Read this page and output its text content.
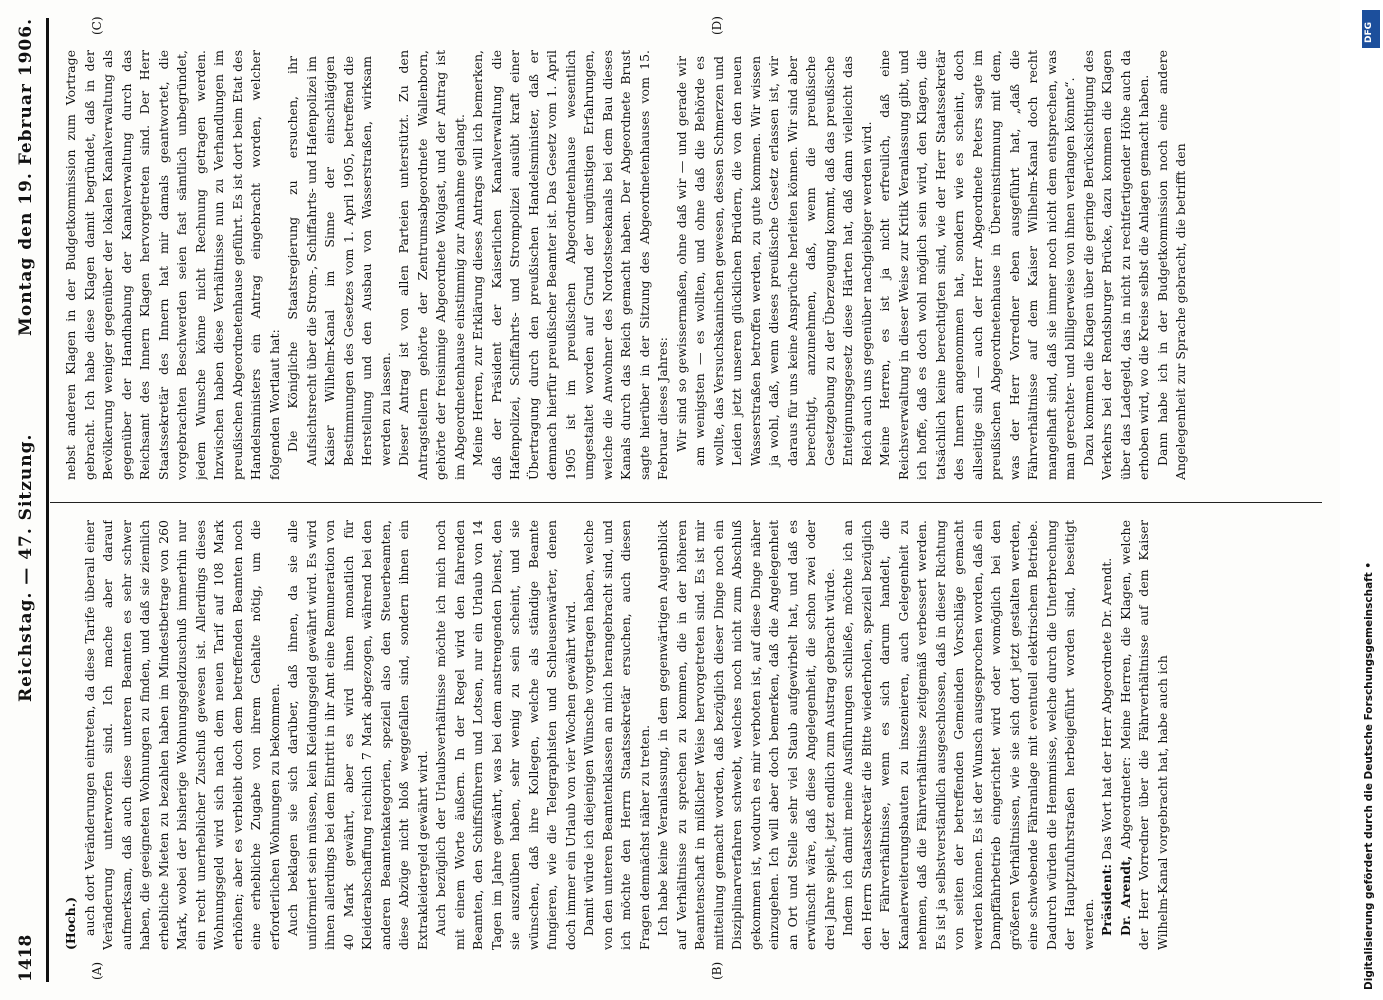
1418
Reichstag. — 47. Sitzung.
Montag den 19. Februar 1906.
(A)	(B)
(C)	(D)

(Hoch.) auch dort Veränderungen eintreten, da diese Tarife überall einer Veränderung unterworfen sind. Ich mache aber darauf aufmerksam, daß auch diese unteren Beamten es sehr schwer haben, die geeigneten Wohnungen zu finden, und daß sie ziemlich erhebliche Mieten zu bezahlen haben im Mindestbetrage von 260 Mark, wobei der bisherige Wohnungsgeldzuschuß immerhin nur ein recht unerheblicher Zuschuß gewesen ist. Allerdings dieses Wohnungsgeld wird sich nach dem neuen Tarif auf 108 Mark erhöhen; aber es verbleibt doch dem betreffenden Beamten noch eine erhebliche Zugabe von ihrem Gehalte nötig, um die erforderlichen Wohnungen zu bekommen. Auch beklagen sie sich darüber, daß ihnen, da sie alle uniformiert sein müssen, kein Kleidungsgeld gewährt wird. Es wird ihnen allerdings bei dem Eintritt in ihr Amt eine Remuneration von 40 Mark gewährt, aber es wird ihnen monatlich für Kleiderabschaffung reichlich 7 Mark abgezogen, während bei den anderen Beamtenkategorien, speziell also den Steuerbeamten, diese Abzüge nicht bloß weggefallen sind, sondern ihnen ein Extrakleidergeld gewährt wird. Auch bezüglich der Urlaubsverhältnisse möchte ich mich noch mit einem Worte äußern. In der Regel wird den fahrenden Beamten, den Schiffsführern und Lotsen, nur ein Urlaub von 14 Tagen im Jahre gewährt, was bei dem anstrengenden Dienst, den sie auszuüben haben, sehr wenig zu sein scheint, und sie wünschen, daß ihre Kollegen, welche als ständige Beamte fungieren, wie die Telegraphisten und Schleusenwärter, denen doch immer ein Urlaub von vier Wochen gewährt wird. Damit würde ich diejenigen Wünsche vorgetragen haben, welche von den unteren Beamtenklassen an mich herangebracht sind, und ich möchte den Herrn Staatssekretär ersuchen, auch diesen Fragen demnächst näher zu treten. Ich habe keine Veranlassung, in dem gegenwärtigen Augenblick auf Verhältnisse zu sprechen zu kommen, die in der höheren Beamtenschaft in mißlicher Weise hervorgetreten sind. Es ist mir mitteilung gemacht worden, daß bezüglich dieser Dinge noch ein Disziplinarverfahren schwebt, welches noch nicht zum Abschluß gekommen ist, wodurch es mir verboten ist, auf diese Dinge näher einzugehen. Ich will aber doch bemerken, daß die Angelegenheit an Ort und Stelle sehr viel Staub aufgewirbelt hat, und daß es erwünscht wäre, daß diese Angelegenheit, die schon zwei oder drei Jahre spielt, jetzt endlich zum Austrag gebracht würde. Indem ich damit meine Ausführungen schließe, möchte ich an den Herrn Staatssekretär die Bitte wiederholen, speziell bezüglich der Fährverhältnisse, wenn es sich darum handelt, die Kanalerweiterungsbauten zu inszenieren, auch Gelegenheit zu nehmen, daß die Fährverhältnisse zeitgemäß verbessert werden. Es ist ja selbstverständlich ausgeschlossen, daß in dieser Richtung von seiten der betreffenden Gemeinden Vorschläge gemacht werden können. Es ist der Wunsch ausgesprochen worden, daß ein Dampffährbetrieb eingerichtet wird oder womöglich bei den größeren Verhältnissen, wie sie sich dort jetzt gestalten werden, eine schwebende Fähranlage mit eventuell elektrischem Betriebe. Dadurch würden die Hemmnisse, welche durch die Unterbrechung der Hauptzufuhrstraßen herbeigeführt worden sind, beseitigt werden. Präsident: Das Wort hat der Herr Abgeordnete Dr. Arendt.

Dr. Arendt, Abgeordneter: Meine Herren, die Klagen, welche der Herr Vorredner über die Fährverhältnisse auf dem Kaiser Wilhelm-Kanal vorgebracht hat, habe auch ich

nebst anderen Klagen in der Budgetkommission zum Vortrage gebracht. Ich habe diese Klagen damit begründet, daß in der Bevölkerung weniger gegenüber der lokalen Kanalverwaltung als gegenüber der Handhabung der Kanalverwaltung durch das Reichsamt des Innern Klagen hervorgetreten sind. Der Herr Staatssekretär des Innern hat mir damals geantwortet, die vorgebrachten Beschwerden seien fast sämtlich unbegründet, jedem Wunsche könne nicht Rechnung getragen werden. Inzwischen haben diese Verhältnisse nun zu Verhandlungen im preußischen Abgeordnetenhause geführt. Es ist dort beim Etat des Handelsministers ein Antrag eingebracht worden, welcher folgenden Wortlaut hat: Die Königliche Staatsregierung zu ersuchen, ihr Aufsichtsrecht über die Strom-, Schiffahrts- und Hafenpolizei im Kaiser Wilhelm-Kanal im Sinne der einschlägigen Bestimmungen des Gesetzes vom 1. April 1905, betreffend die Herstellung und den Ausbau von Wasserstraßen, wirksam werden zu lassen. Dieser Antrag ist von allen Parteien unterstützt. Zu den Antragstellern gehörte der Zentrumsabgeordnete Wallenborn, gehörte der freisinnige Abgeordnete Wolgast, und der Antrag ist im Abgeordnetenhause einstimmig zur Annahme gelangt. Meine Herren, zur Erklärung dieses Antrags will ich bemerken, daß der Präsident der Kaiserlichen Kanalverwaltung die Hafenpolizei, Schiffahrts- und Strompolizei ausübt kraft einer Übertragung durch den preußischen Handelsminister, daß er demnach hierfür preußischer Beamter ist. Das Gesetz vom 1. April 1905 ist im preußischen Abgeordnetenhause wesentlich umgestaltet worden auf Grund der ungünstigen Erfahrungen, welche die Anwohner des Nordostseekanals bei dem Bau dieses Kanals durch das Reich gemacht haben. Der Abgeordnete Brust sagte hierüber in der Sitzung des Abgeordnetenhauses vom 15. Februar dieses Jahres: Wir sind so gewissermaßen, ohne daß wir — und gerade wir am wenigsten — es wollten, und ohne daß die Behörde es wollte, das Versuchskaninchen gewesen, dessen Schmerzen und Leiden jetzt unseren glücklichen Brüdern, die von den neuen Wasserstraßen betroffen werden, zu gute kommen. Wir wissen ja wohl, daß, wenn dieses preußische Gesetz erlassen ist, wir daraus für uns keine Ansprüche herleiten können. Wir sind aber berechtigt, anzunehmen, daß, wenn die preußische Gesetzgebung zu der Überzeugung kommt, daß das preußische Enteignungsgesetz diese Härten hat, daß dann vielleicht das Reich auch uns gegenüber nachgiebiger werden wird. Meine Herren, es ist ja nicht erfreulich, daß eine Reichsverwaltung in dieser Weise zur Kritik Veranlassung gibt, und ich hoffe, daß es doch wohl möglich sein wird, den Klagen, die tatsächlich keine berechtigten sind, wie der Herr Staatssekretär des Innern angenommen hat, sondern wie es scheint, doch allseitige sind — auch der Herr Abgeordnete Peters sagte im preußischen Abgeordnetenhause in Übereinstimmung mit dem, was der Herr Vorredner eben ausgeführt hat, „daß die Fährverhältnisse auf dem Kaiser Wilhelm-Kanal doch recht mangelhaft sind, daß sie immer noch nicht dem entsprechen, was man gerechter- und billigerweise von ihnen verlangen könnte“. Dazu kommen die Klagen über die geringe Berücksichtigung des Verkehrs bei der Rendsburger Brücke, dazu kommen die Klagen über das Ladegeld, das in nicht zu rechtfertigender Höhe auch da erhoben wird, wo die Kreise selbst die Anlagen gemacht haben. Dann habe ich in der Budgetkommission noch eine andere Angelegenheit zur Sprache gebracht, die betrifft den

DFG
Digitalisierung gefördert durch die Deutsche Forschungsgemeinschaft •
